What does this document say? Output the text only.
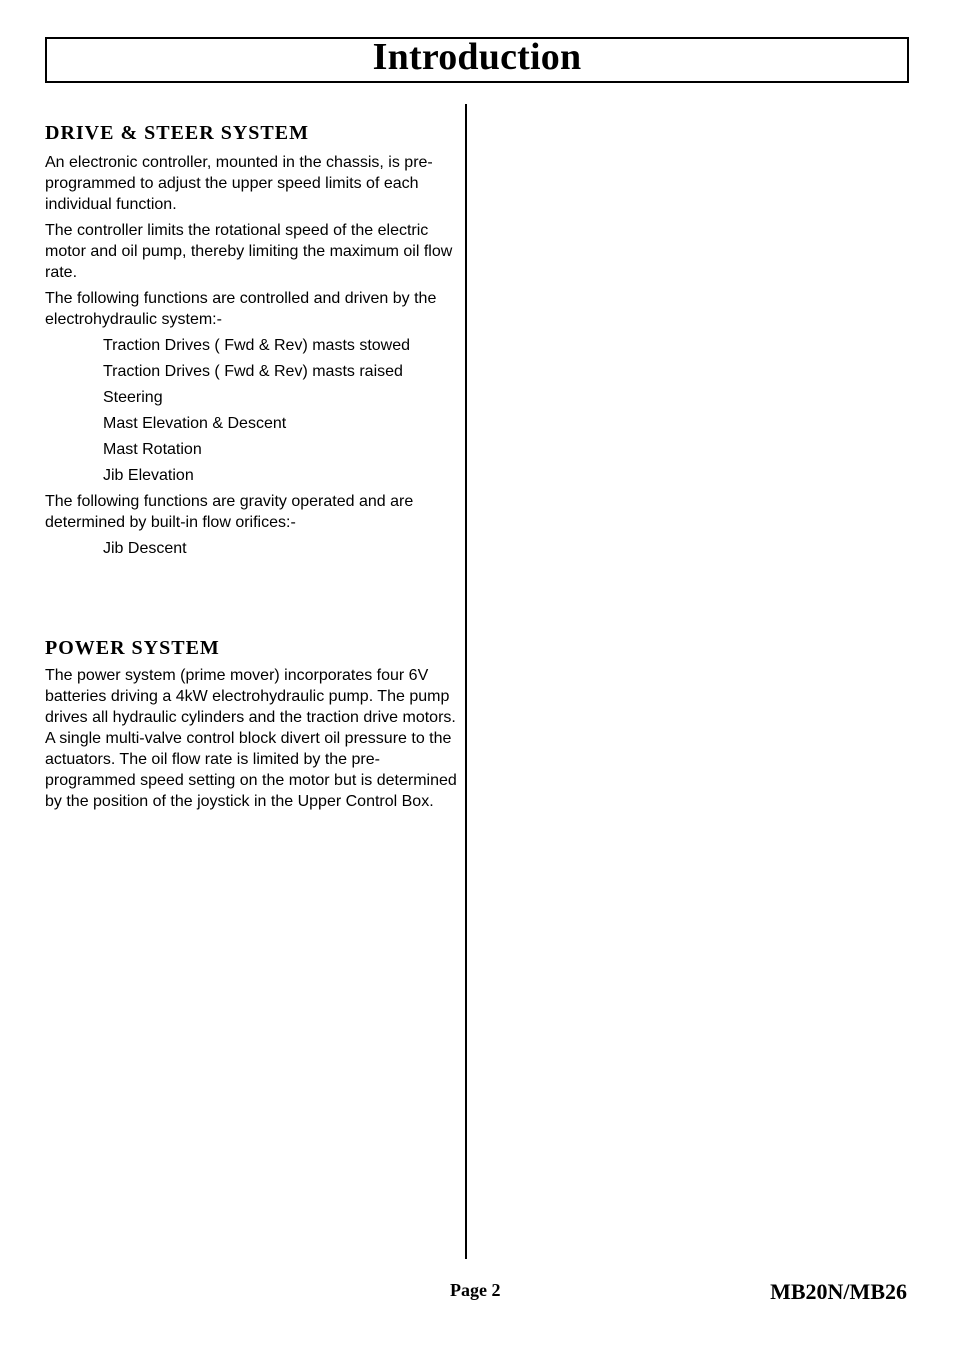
Introduction
DRIVE & STEER SYSTEM

An electronic controller, mounted in the chassis, is pre-programmed to adjust the upper speed limits of each individual function.

The controller limits the rotational speed of the electric motor and oil pump, thereby limiting the maximum oil flow rate.

The following functions are controlled and driven by the electrohydraulic system:-

Traction Drives ( Fwd & Rev) masts stowed
Traction Drives ( Fwd & Rev) masts raised
Steering
Mast Elevation & Descent
Mast Rotation
Jib Elevation

The following functions are gravity operated and are determined by built-in flow orifices:-

Jib Descent
POWER SYSTEM

The power system (prime mover) incorporates four 6V batteries driving a 4kW electrohydraulic pump. The pump drives all hydraulic cylinders and the traction drive motors. A single multi-valve control block divert oil pressure to the actuators. The oil flow rate is limited by the pre-programmed speed setting on the motor but is determined by the position of the joystick in the Upper Control Box.

Page 2	MB20N/MB26
